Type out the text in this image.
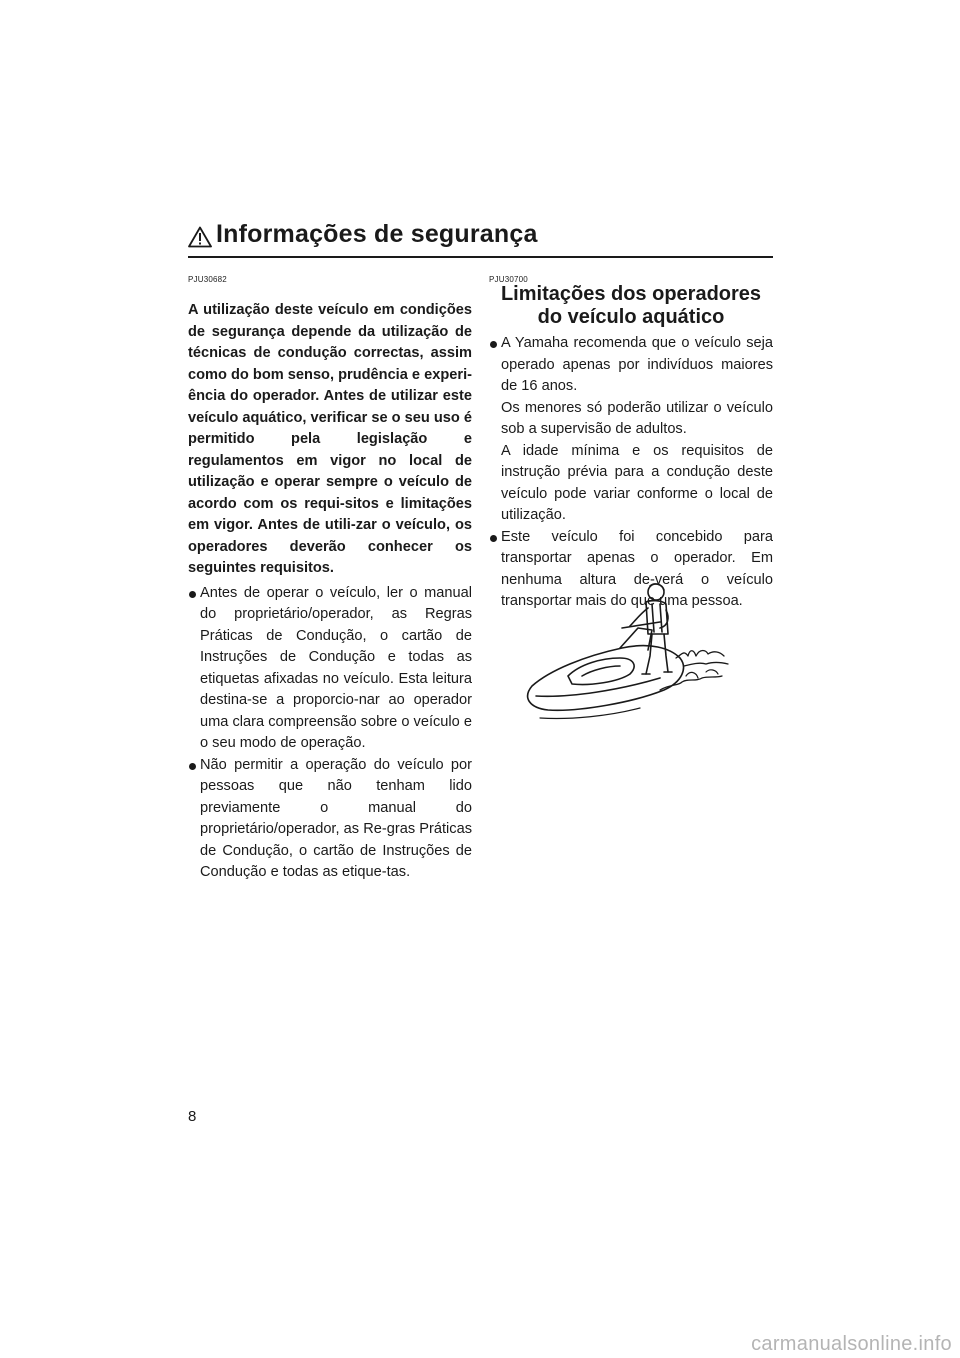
Informações de segurança
PJU30682

A utilização deste veículo em condições de segurança depende da utilização de técnicas de condução correctas, assim como do bom senso, prudência e experi-ência do operador. Antes de utilizar este veículo aquático, verificar se o seu uso é permitido pela legislação e regulamentos em vigor no local de utilização e operar sempre o veículo de acordo com os requi-sitos e limitações em vigor. Antes de utili-zar o veículo, os operadores deverão conhecer os seguintes requisitos.

Antes de operar o veículo, ler o manual do proprietário/operador, as Regras Práticas de Condução, o cartão de Instruções de Condução e todas as etiquetas afixadas no veículo. Esta leitura destina-se a proporcio-nar ao operador uma clara compreensão sobre o veículo e o seu modo de operação.
Não permitir a operação do veículo por pessoas que não tenham lido previamente o manual do proprietário/operador, as Re-gras Práticas de Condução, o cartão de Instruções de Condução e todas as etique-tas.
PJU30700
Limitações dos operadores do veículo aquático
A Yamaha recomenda que o veículo seja operado apenas por indivíduos maiores de 16 anos.
Os menores só poderão utilizar o veículo sob a supervisão de adultos.
A idade mínima e os requisitos de instrução prévia para a condução deste veículo pode variar conforme o local de utilização.
Este veículo foi concebido para transportar apenas o operador. Em nenhuma altura de-verá o veículo transportar mais do que uma pessoa.

8

carmanualsonline.info
